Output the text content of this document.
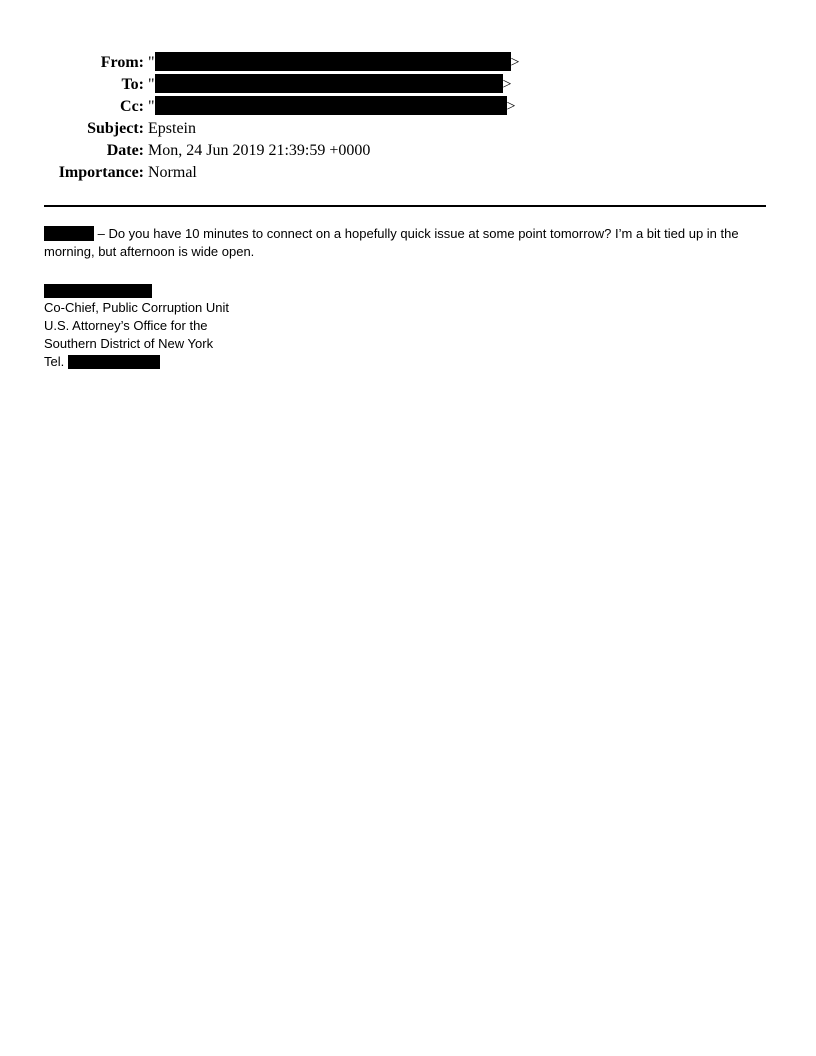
From: "	>
To: "	>
Cc: "	>
Subject: Epstein
Date: Mon, 24 Jun 2019 21:39:59 +0000
Importance: Normal
– Do you have 10 minutes to connect on a hopefully quick issue at some point tomorrow? I’m a bit tied up in the morning, but afternoon is wide open.
Co-Chief, Public Corruption Unit
U.S. Attorney’s Office for the
Southern District of New York
Tel.
